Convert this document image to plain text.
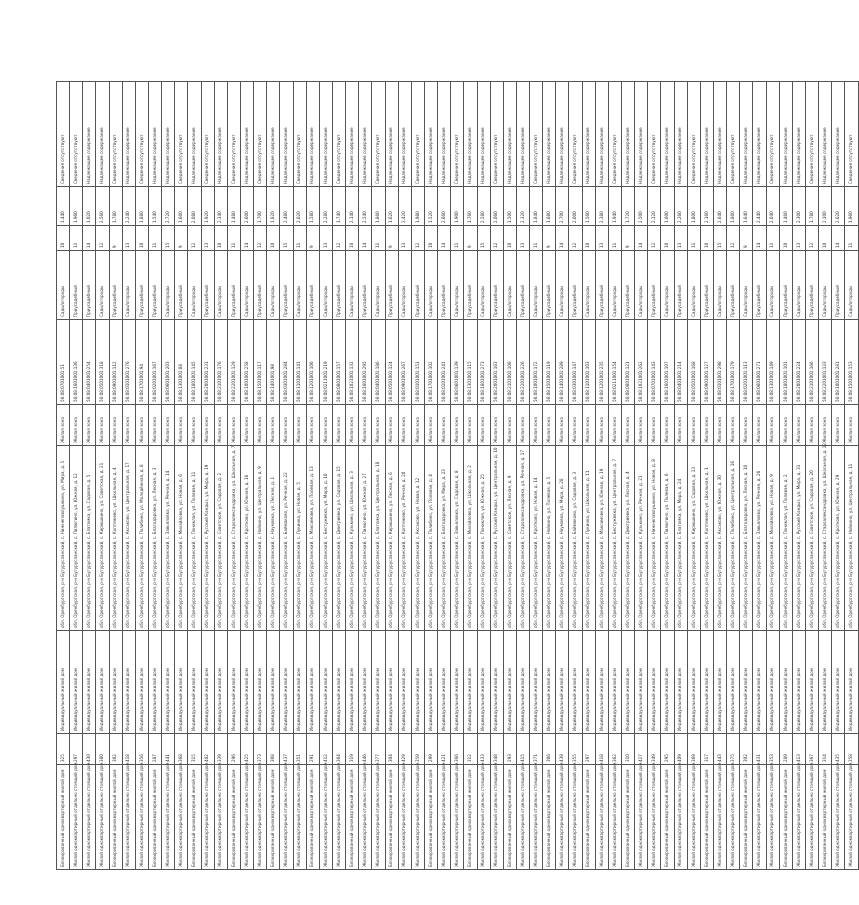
Блокированный одноквартирный жилой дом	325	Индивидуальный жилой дом	обл. Оренбургская, р-н Бугурусланский, с. Нижнепавлушкино, ул. Мира, д. 5	Жилая зона	56:08:0701001:51	Сады/огороды	10	1.440	Сведения отсутствуют
Жилой одноквартирный отдельно стоящий дом	297	Индивидуальный жилой дом	обл. Оренбургская, р-н Бугурусланский, с. Пилюгино, ул. Южная, д. 12	Жилая зона	56:08:1601001:136	Приусадебный	11	1.960	Сведения отсутствуют
Жилой одноквартирный отдельно стоящий дом	430	Индивидуальный жилой дом	обл. Оренбургская, р-н Бугурусланский, с. Елатомка, ул. Садовая, д. 5	Жилая зона	56:08:0401001:254	Приусадебный	14	1.020	Надлежащее содержание
Жилой одноквартирный отдельно стоящий дом	380	Индивидуальный жилой дом	обл. Оренбургская, р-н Бугурусланский, с. Кирюшкино, ул. Советская, д. 21	Жилая зона	56:08:0501001:318	Сады/огороды	12	2.560	Надлежащее содержание
Блокированный одноквартирный жилой дом	302	Индивидуальный жилой дом	обл. Оренбургская, р-н Бугурусланский, с. Коптяжево, ул. Школьная, д. 4	Жилая зона	56:08:0901001:112	Приусадебный	9	1.780	Сведения отсутствуют
Жилой одноквартирный отдельно стоящий дом	418	Индивидуальный жилой дом	обл. Оренбургская, р-н Бугурусланский, с. Аксаково, ул. Центральная, д. 17	Жилая зона	56:08:0101001:276	Сады/огороды	13	2.240	Надлежащее содержание
Жилой одноквартирный отдельно стоящий дом	356	Индивидуальный жилой дом	обл. Оренбургская, р-н Бугурусланский, с. Полибино, ул. Молодёжная, д. 8	Жилая зона	56:08:1701001:94	Приусадебный	10	1.880	Сведения отсутствуют
Блокированный одноквартирный жилой дом	287	Индивидуальный жилой дом	обл. Оренбургская, р-н Бугурусланский, с. Благодаровка, ул. Лесная, д. 3	Жилая зона	56:08:0201001:167	Приусадебный	11	1.540	Надлежащее содержание
Жилой одноквартирный отдельно стоящий дом	441	Индивидуальный жилой дом	обл. Оренбургская, р-н Бугурусланский, с. Завьяловка, ул. Речная, д. 14	Жилая зона	56:08:0601001:203	Сады/огороды	15	2.720	Надлежащее содержание
Жилой одноквартирный отдельно стоящий дом	368	Индивидуальный жилой дом	обл. Оренбургская, р-н Бугурусланский, с. Михайловка, ул. Новая, д. 6	Жилая зона	56:08:1301001:88	Приусадебный	9	1.660	Сведения отсутствуют
Блокированный одноквартирный жилой дом	315	Индивидуальный жилой дом	обл. Оренбургская, р-н Бугурусланский, с. Пониклая, ул. Полевая, д. 11	Жилая зона	56:08:1801001:145	Сады/огороды	12	2.080	Надлежащее содержание
Жилой одноквартирный отдельно стоящий дом	402	Индивидуальный жилой дом	обл. Оренбургская, р-н Бугурусланский, с. Русский Кандыз, ул. Мира, д. 19	Жилая зона	56:08:2001001:231	Приусадебный	13	1.920	Сведения отсутствуют
Жилой одноквартирный отдельно стоящий дом	339	Индивидуальный жилой дом	обл. Оренбургская, р-н Бугурусланский, с. Советское, ул. Садовая, д. 2	Жилая зона	56:08:2101001:176	Сады/огороды	10	2.340	Надлежащее содержание
Блокированный одноквартирный жилой дом	296	Индивидуальный жилой дом	обл. Оренбургская, р-н Бугурусланский, с. Староалександровка, ул. Школьная, д. 7	Жилая зона	56:08:2201001:129	Приусадебный	11	1.480	Сведения отсутствуют
Жилой одноквартирный отдельно стоящий дом	425	Индивидуальный жилой дом	обл. Оренбургская, р-н Бугурусланский, с. Кротково, ул. Южная, д. 16	Жилая зона	56:08:1001001:258	Сады/огороды	14	2.600	Надлежащее содержание
Жилой одноквартирный отдельно стоящий дом	373	Индивидуальный жилой дом	обл. Оренбургская, р-н Бугурусланский, с. Нойкино, ул. Центральная, д. 9	Жилая зона	56:08:1501001:117	Приусадебный	12	1.700	Сведения отсутствуют
Блокированный одноквартирный жилой дом	308	Индивидуальный жилой дом	обл. Оренбургская, р-н Бугурусланский, с. Наумовка, ул. Лесная, д. 1	Жилая зона	56:08:1401001:98	Сады/огороды	10	1.820	Надлежащее содержание
Жилой одноквартирный отдельно стоящий дом	437	Индивидуальный жилой дом	обл. Оренбургская, р-н Бугурусланский, с. Баймаково, ул. Речная, д. 22	Жилая зона	56:08:0301001:284	Приусадебный	15	2.480	Надлежащее содержание
Жилой одноквартирный отдельно стоящий дом	351	Индивидуальный жилой дом	обл. Оренбургская, р-н Бугурусланский, с. Лукинка, ул. Новая, д. 5	Жилая зона	56:08:1101001:141	Сады/огороды	11	2.020	Сведения отсутствуют
Блокированный одноквартирный жилой дом	291	Индивидуальный жилой дом	обл. Оренбургская, р-н Бугурусланский, с. Максимовка, ул. Полевая, д. 13	Жилая зона	56:08:1201001:106	Приусадебный	9	1.580	Надлежащее содержание
Жилой одноквартирный отдельно стоящий дом	412	Индивидуальный жилой дом	обл. Оренбургская, р-н Бугурусланский, с. Бестужевка, ул. Мира, д. 10	Жилая зона	56:08:0211001:219	Сады/огороды	13	2.280	Надлежащее содержание
Жилой одноквартирный отдельно стоящий дом	364	Индивидуальный жилой дом	обл. Оренбургская, р-н Бугурусланский, с. Дмитриевка, ул. Садовая, д. 15	Жилая зона	56:08:0801001:157	Приусадебный	12	1.740	Сведения отсутствуют
Блокированный одноквартирный жилой дом	319	Индивидуальный жилой дом	обл. Оренбургская, р-н Бугурусланский, с. Кузькино, ул. Школьная, д. 3	Жилая зона	56:08:1021001:132	Сады/огороды	10	2.140	Надлежащее содержание
Жилой одноквартирный отдельно стоящий дом	446	Индивидуальный жилой дом	обл. Оренбургская, р-н Бугурусланский, с. Пилюгино, ул. Южная, д. 27	Жилая зона	56:08:1601001:295	Приусадебный	14	2.540	Надлежащее содержание
Жилой одноквартирный отдельно стоящий дом	377	Индивидуальный жилой дом	обл. Оренбургская, р-н Бугурусланский, с. Елатомка, ул. Центральная, д. 18	Жилая зона	56:08:0401001:186	Сады/огороды	11	1.860	Сведения отсутствуют
Блокированный одноквартирный жилой дом	304	Индивидуальный жилой дом	обл. Оренбургская, р-н Бугурусланский, с. Кирюшкино, ул. Лесная, д. 6	Жилая зона	56:08:0501001:124	Приусадебный	9	1.620	Надлежащее содержание
Жилой одноквартирный отдельно стоящий дом	429	Индивидуальный жилой дом	обл. Оренбургская, р-н Бугурусланский, с. Коптяжево, ул. Речная, д. 20	Жилая зона	56:08:0901001:267	Сады/огороды	13	2.420	Надлежащее содержание
Жилой одноквартирный отдельно стоящий дом	359	Индивидуальный жилой дом	обл. Оренбургская, р-н Бугурусланский, с. Аксаково, ул. Новая, д. 12	Жилая зона	56:08:0101001:151	Приусадебный	12	1.980	Сведения отсутствуют
Блокированный одноквартирный жилой дом	299	Индивидуальный жилой дом	обл. Оренбургская, р-н Бугурусланский, с. Полибино, ул. Полевая, д. 4	Жилая зона	56:08:1701001:102	Сады/огороды	10	1.520	Надлежащее содержание
Жилой одноквартирный отдельно стоящий дом	421	Индивидуальный жилой дом	обл. Оренбургская, р-н Бугурусланский, с. Благодаровка, ул. Мира, д. 23	Жилая зона	56:08:0201001:241	Приусадебный	14	2.660	Надлежащее содержание
Жилой одноквартирный отдельно стоящий дом	366	Индивидуальный жилой дом	обл. Оренбургская, р-н Бугурусланский, с. Завьяловка, ул. Садовая, д. 8	Жилая зона	56:08:0601001:139	Сады/огороды	11	1.900	Сведения отсутствуют
Блокированный одноквартирный жилой дом	312	Индивидуальный жилой дом	обл. Оренбургская, р-н Бугурусланский, с. Михайловка, ул. Школьная, д. 2	Жилая зона	56:08:1301001:115	Приусадебный	9	1.760	Надлежащее содержание
Жилой одноквартирный отдельно стоящий дом	433	Индивидуальный жилой дом	обл. Оренбургская, р-н Бугурусланский, с. Пониклая, ул. Южная, д. 25	Жилая зона	56:08:1801001:273	Сады/огороды	15	2.580	Надлежащее содержание
Жилой одноквартирный отдельно стоящий дом	348	Индивидуальный жилой дом	обл. Оренбургская, р-н Бугурусланский, с. Русский Кандыз, ул. Центральная, д. 10	Жилая зона	56:08:2001001:163	Приусадебный	12	2.060	Сведения отсутствуют
Блокированный одноквартирный жилой дом	293	Индивидуальный жилой дом	обл. Оренбургская, р-н Бугурусланский, с. Советское, ул. Лесная, д. 9	Жилая зона	56:08:2101001:108	Сады/огороды	10	1.500	Надлежащее содержание
Жилой одноквартирный отдельно стоящий дом	415	Индивидуальный жилой дом	обл. Оренбургская, р-н Бугурусланский, с. Староалександровка, ул. Речная, д. 17	Жилая зона	56:08:2201001:226	Приусадебный	13	2.320	Надлежащее содержание
Жилой одноквартирный отдельно стоящий дом	371	Индивидуальный жилой дом	обл. Оренбургская, р-н Бугурусланский, с. Кротково, ул. Новая, д. 14	Жилая зона	56:08:1001001:172	Сады/огороды	11	1.840	Сведения отсутствуют
Блокированный одноквартирный жилой дом	306	Индивидуальный жилой дом	обл. Оренбургская, р-н Бугурусланский, с. Нойкино, ул. Полевая, д. 5	Жилая зона	56:08:1501001:119	Приусадебный	9	1.680	Надлежащее содержание
Жилой одноквартирный отдельно стоящий дом	439	Индивидуальный жилой дом	обл. Оренбургская, р-н Бугурусланский, с. Наумовка, ул. Мира, д. 28	Жилая зона	56:08:1401001:289	Сады/огороды	14	2.700	Надлежащее содержание
Жилой одноквартирный отдельно стоящий дом	355	Индивидуальный жилой дом	обл. Оренбургская, р-н Бугурусланский, с. Баймаково, ул. Садовая, д. 3	Жилая зона	56:08:0301001:147	Приусадебный	12	2.000	Сведения отсутствуют
Блокированный одноквартирный жилой дом	297	Индивидуальный жилой дом	обл. Оренбургская, р-н Бугурусланский, с. Лукинка, ул. Школьная, д. 11	Жилая зона	56:08:1101001:103	Сады/огороды	10	1.560	Надлежащее содержание
Жилой одноквартирный отдельно стоящий дом	418	Индивидуальный жилой дом	обл. Оренбургская, р-н Бугурусланский, с. Максимовка, ул. Южная, д. 19	Жилая зона	56:08:1201001:235	Приусадебный	13	2.380	Надлежащее содержание
Жилой одноквартирный отдельно стоящий дом	362	Индивидуальный жилой дом	обл. Оренбургская, р-н Бугурусланский, с. Бестужевка, ул. Центральная, д. 7	Жилая зона	56:08:0211001:154	Сады/огороды	11	1.940	Сведения отсутствуют
Блокированный одноквартирный жилой дом	310	Индивидуальный жилой дом	обл. Оренбургская, р-н Бугурусланский, с. Дмитриевка, ул. Лесная, д. 4	Жилая зона	56:08:0801001:121	Приусадебный	9	1.720	Надлежащее содержание
Жилой одноквартирный отдельно стоящий дом	427	Индивидуальный жилой дом	обл. Оренбургская, р-н Бугурусланский, с. Кузькино, ул. Речная, д. 21	Жилая зона	56:08:1021001:262	Сады/огороды	14	2.500	Надлежащее содержание
Жилой одноквартирный отдельно стоящий дом	349	Индивидуальный жилой дом	обл. Оренбургская, р-н Бугурусланский, с. Нижнепавлушкино, ул. Новая, д. 8	Жилая зона	56:08:0701001:143	Приусадебный	12	2.120	Сведения отсутствуют
Блокированный одноквартирный жилой дом	295	Индивидуальный жилой дом	обл. Оренбургская, р-н Бугурусланский, с. Пилюгино, ул. Полевая, д. 6	Жилая зона	56:08:1601001:107	Сады/огороды	10	1.600	Надлежащее содержание
Жилой одноквартирный отдельно стоящий дом	409	Индивидуальный жилой дом	обл. Оренбургская, р-н Бугурусланский, с. Елатомка, ул. Мира, д. 24	Жилая зона	56:08:0401001:214	Приусадебный	13	2.260	Надлежащее содержание
Жилой одноквартирный отдельно стоящий дом	369	Индивидуальный жилой дом	обл. Оренбургская, р-н Бугурусланский, с. Кирюшкино, ул. Садовая, д. 13	Жилая зона	56:08:0501001:168	Сады/огороды	11	1.800	Сведения отсутствуют
Блокированный одноквартирный жилой дом	317	Индивидуальный жилой дом	обл. Оренбургская, р-н Бугурусланский, с. Коптяжево, ул. Школьная, д. 1	Жилая зона	56:08:0901001:127	Приусадебный	10	2.160	Надлежащее содержание
Жилой одноквартирный отдельно стоящий дом	443	Индивидуальный жилой дом	обл. Оренбургская, р-н Бугурусланский, с. Аксаково, ул. Южная, д. 30	Жилая зона	56:08:0101001:298	Сады/огороды	15	2.640	Надлежащее содержание
Жилой одноквартирный отдельно стоящий дом	375	Индивидуальный жилой дом	обл. Оренбургская, р-н Бугурусланский, с. Полибино, ул. Центральная, д. 16	Жилая зона	56:08:1701001:179	Приусадебный	12	1.860	Сведения отсутствуют
Блокированный одноквартирный жилой дом	302	Индивидуальный жилой дом	обл. Оренбургская, р-н Бугурусланский, с. Благодаровка, ул. Лесная, д. 10	Жилая зона	56:08:0201001:113	Сады/огороды	9	1.640	Надлежащее содержание
Жилой одноквартирный отдельно стоящий дом	431	Индивидуальный жилой дом	обл. Оренбургская, р-н Бугурусланский, с. Завьяловка, ул. Речная, д. 26	Жилая зона	56:08:0601001:271	Приусадебный	14	2.440	Надлежащее содержание
Жилой одноквартирный отдельно стоящий дом	353	Индивидуальный жилой дом	обл. Оренбургская, р-н Бугурусланский, с. Михайловка, ул. Новая, д. 9	Жилая зона	56:08:1301001:149	Сады/огороды	11	2.040	Сведения отсутствуют
Блокированный одноквартирный жилой дом	289	Индивидуальный жилой дом	обл. Оренбургская, р-н Бугурусланский, с. Пониклая, ул. Полевая, д. 2	Жилая зона	56:08:1801001:101	Приусадебный	10	1.460	Надлежащее содержание
Жилой одноквартирный отдельно стоящий дом	413	Индивидуальный жилой дом	обл. Оренбургская, р-н Бугурусланский, с. Русский Кандыз, ул. Мира, д. 31	Жилая зона	56:08:2001001:224	Сады/огороды	13	2.300	Надлежащее содержание
Жилой одноквартирный отдельно стоящий дом	367	Индивидуальный жилой дом	обл. Оренбургская, р-н Бугурусланский, с. Советское, ул. Садовая, д. 20	Жилая зона	56:08:2101001:166	Приусадебный	12	1.780	Сведения отсутствуют
Блокированный одноквартирный жилой дом	314	Индивидуальный жилой дом	обл. Оренбургская, р-н Бугурусланский, с. Староалександровка, ул. Школьная, д. 12	Жилая зона	56:08:2201001:133	Сады/огороды	10	2.100	Надлежащее содержание
Жилой одноквартирный отдельно стоящий дом	435	Индивидуальный жилой дом	обл. Оренбургская, р-н Бугурусланский, с. Кротково, ул. Южная, д. 29	Жилая зона	56:08:1001001:281	Приусадебный	14	2.620	Надлежащее содержание
Жилой одноквартирный отдельно стоящий дом	358	Индивидуальный жилой дом	обл. Оренбургская, р-н Бугурусланский, с. Нойкино, ул. Центральная, д. 11	Жилая зона	56:08:1501001:153	Сады/огороды	11	1.960	Сведения отсутствуют
